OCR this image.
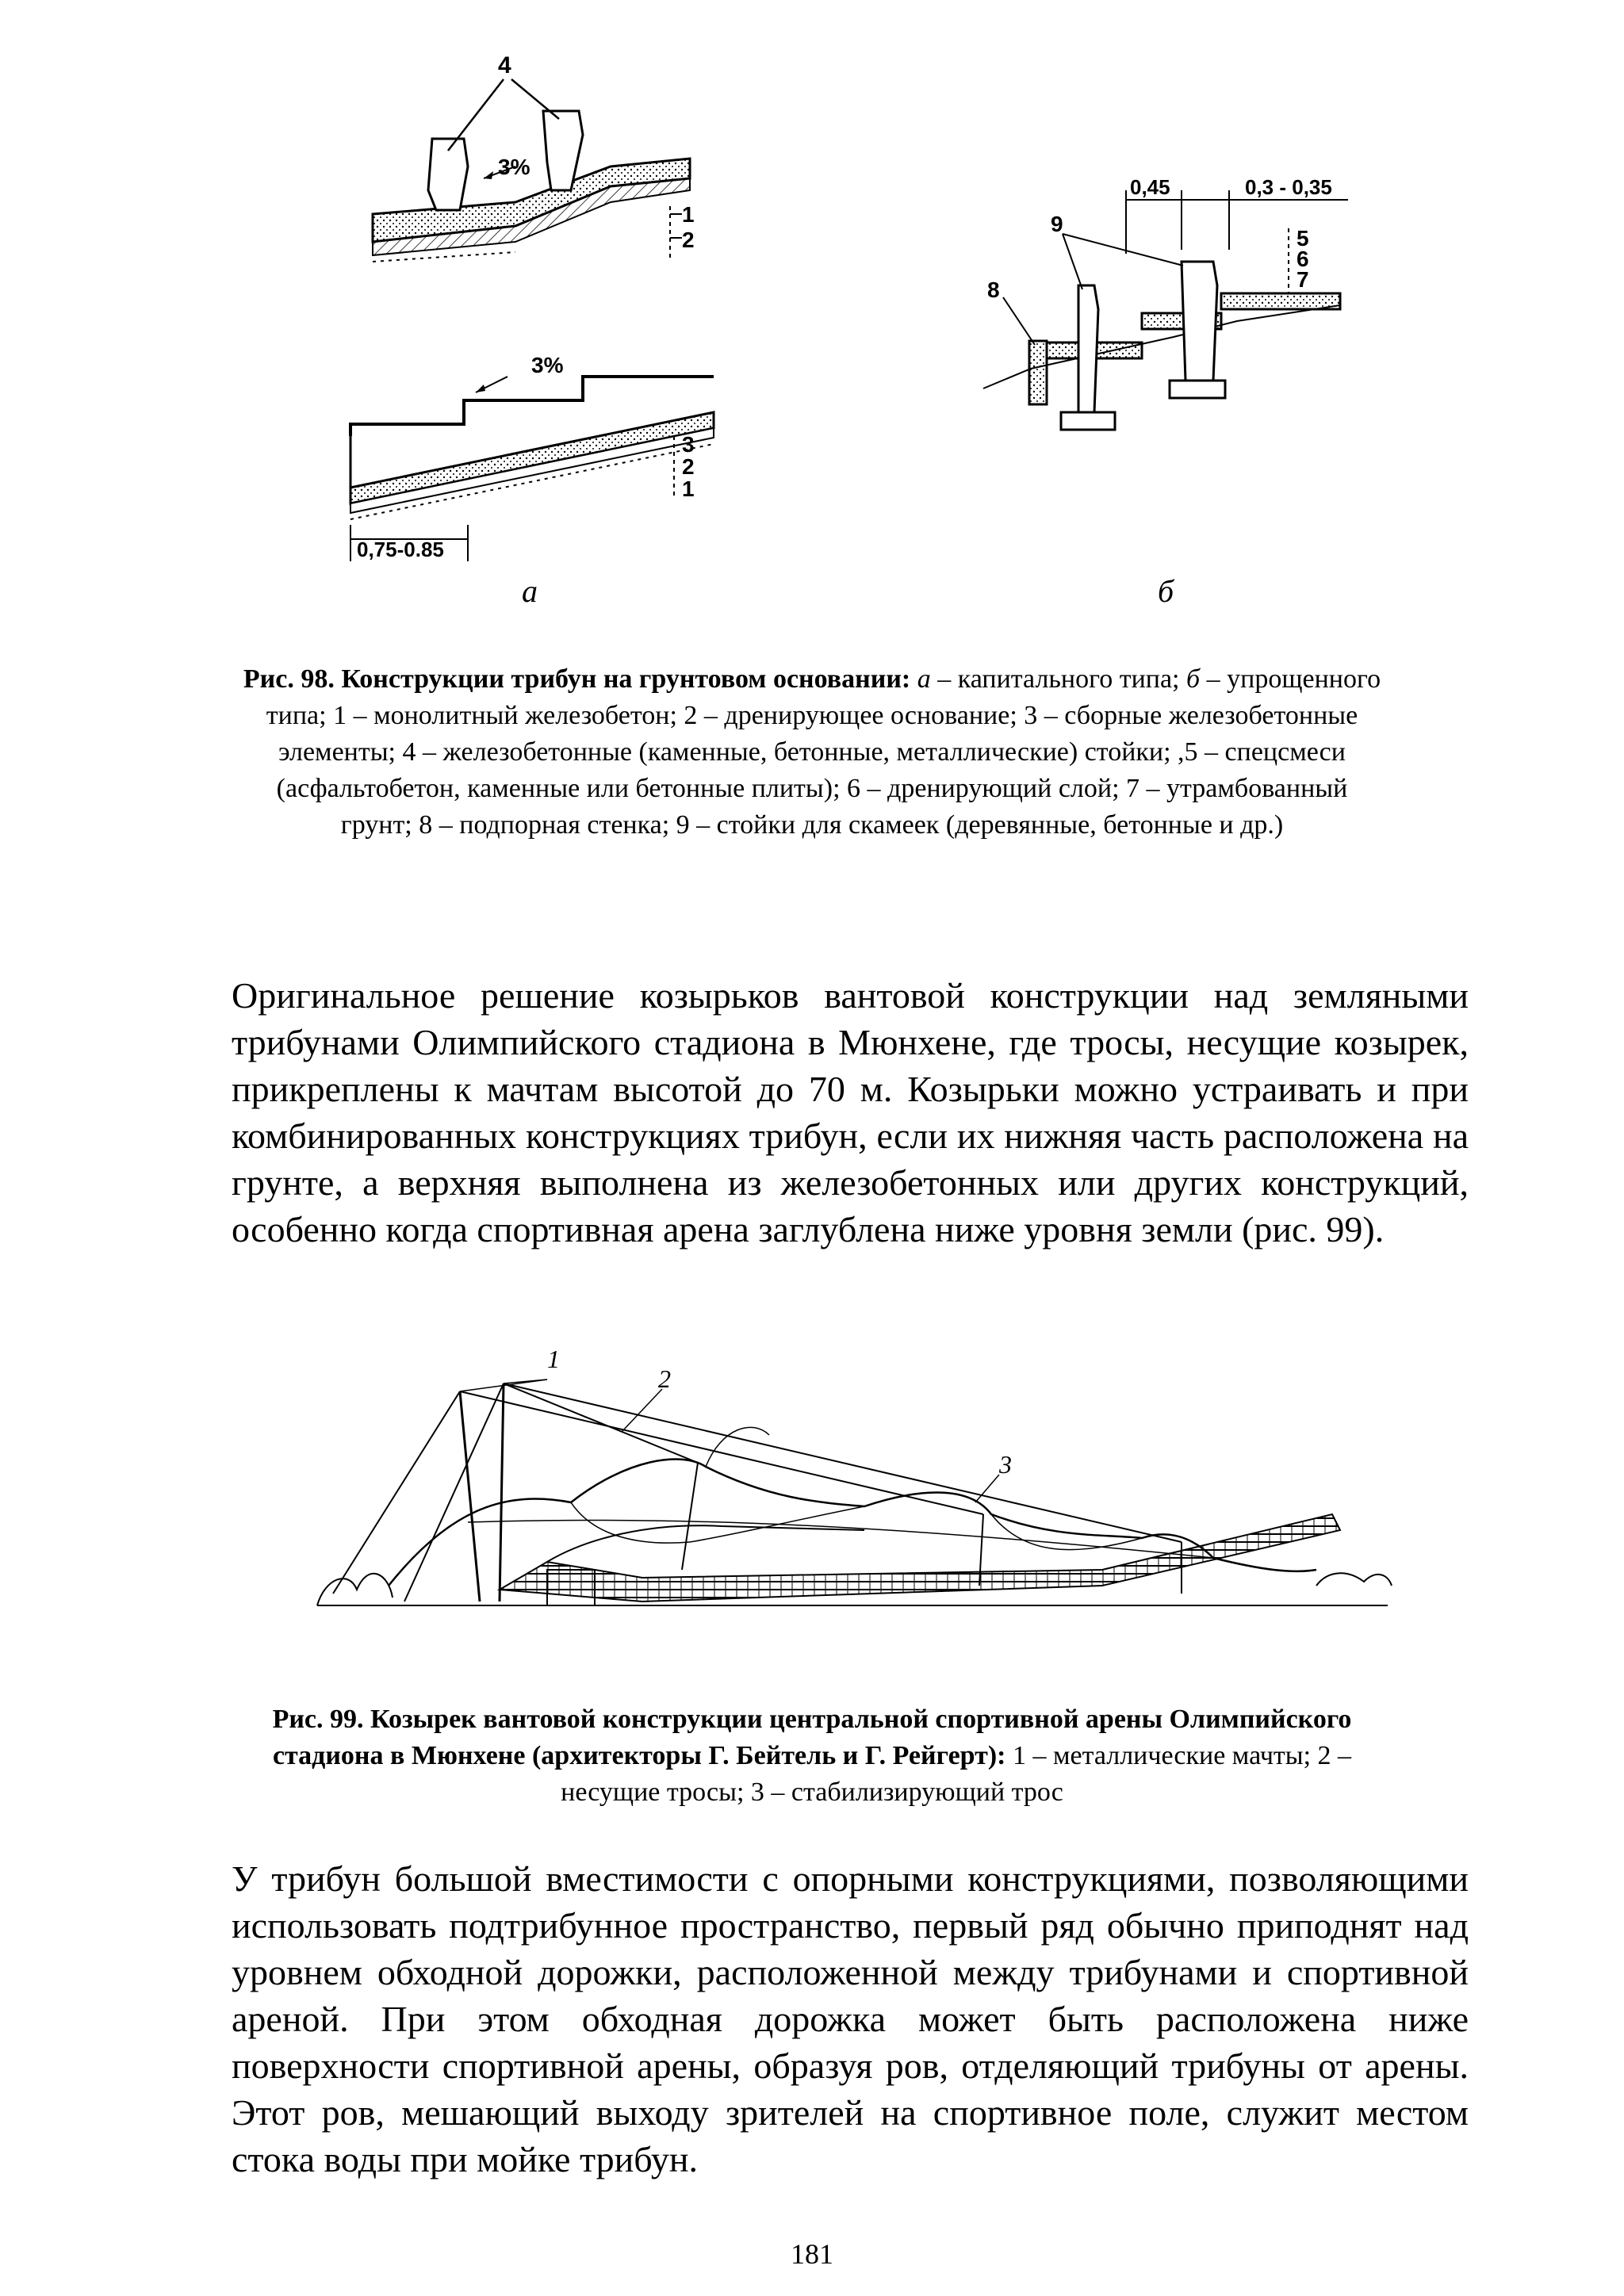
4
3%
1
2
3%
3
2
1
0,75-0.85
0,45	0,3 - 0,35
9
8
5
6
7
а	б
Рис. 98. Конструкции трибун на грунтовом основании: а – капитального типа; б – упрощенного типа; 1 – монолитный железобетон; 2 – дренирующее основание; 3 – сборные железобетонные элементы; 4 – железобетонные (каменные, бетонные, металлические) стойки; ,5 – спецсмеси (асфальтобетон, каменные или бетонные плиты); 6 – дренирующий слой; 7 – утрамбованный грунт; 8 – подпорная стенка; 9 – стойки для скамеек (деревянные, бетонные и др.)
Оригинальное решение козырьков вантовой конструкции над земляными трибунами Олимпийского стадиона в Мюнхене, где тросы, несущие козырек, прикреплены к мачтам высотой до 70 м. Козырьки можно устраивать и при комбинированных конструкциях трибун, если их нижняя часть расположена на грунте, а верхняя выполнена из железобетонных или других конструкций, особенно когда спортивная арена заглублена ниже уровня земли (рис. 99).
1
2
3
Рис. 99. Козырек вантовой конструкции центральной спортивной арены Олимпийского стадиона в Мюнхене (архитекторы Г. Бейтель и Г. Рейгерт): 1 – металлические мачты; 2 – несущие тросы; 3 – стабилизирующий трос
У трибун большой вместимости с опорными конструкциями, позволяющими использовать подтрибунное пространство, первый ряд обычно приподнят над уровнем обходной дорожки, расположенной между трибунами и спортивной ареной. При этом обходная дорожка может быть расположена ниже поверхности спортивной арены, образуя ров, отделяющий трибуны от арены. Этот ров, мешающий выходу зрителей на спортивное поле, служит местом стока воды при мойке трибун.
181
